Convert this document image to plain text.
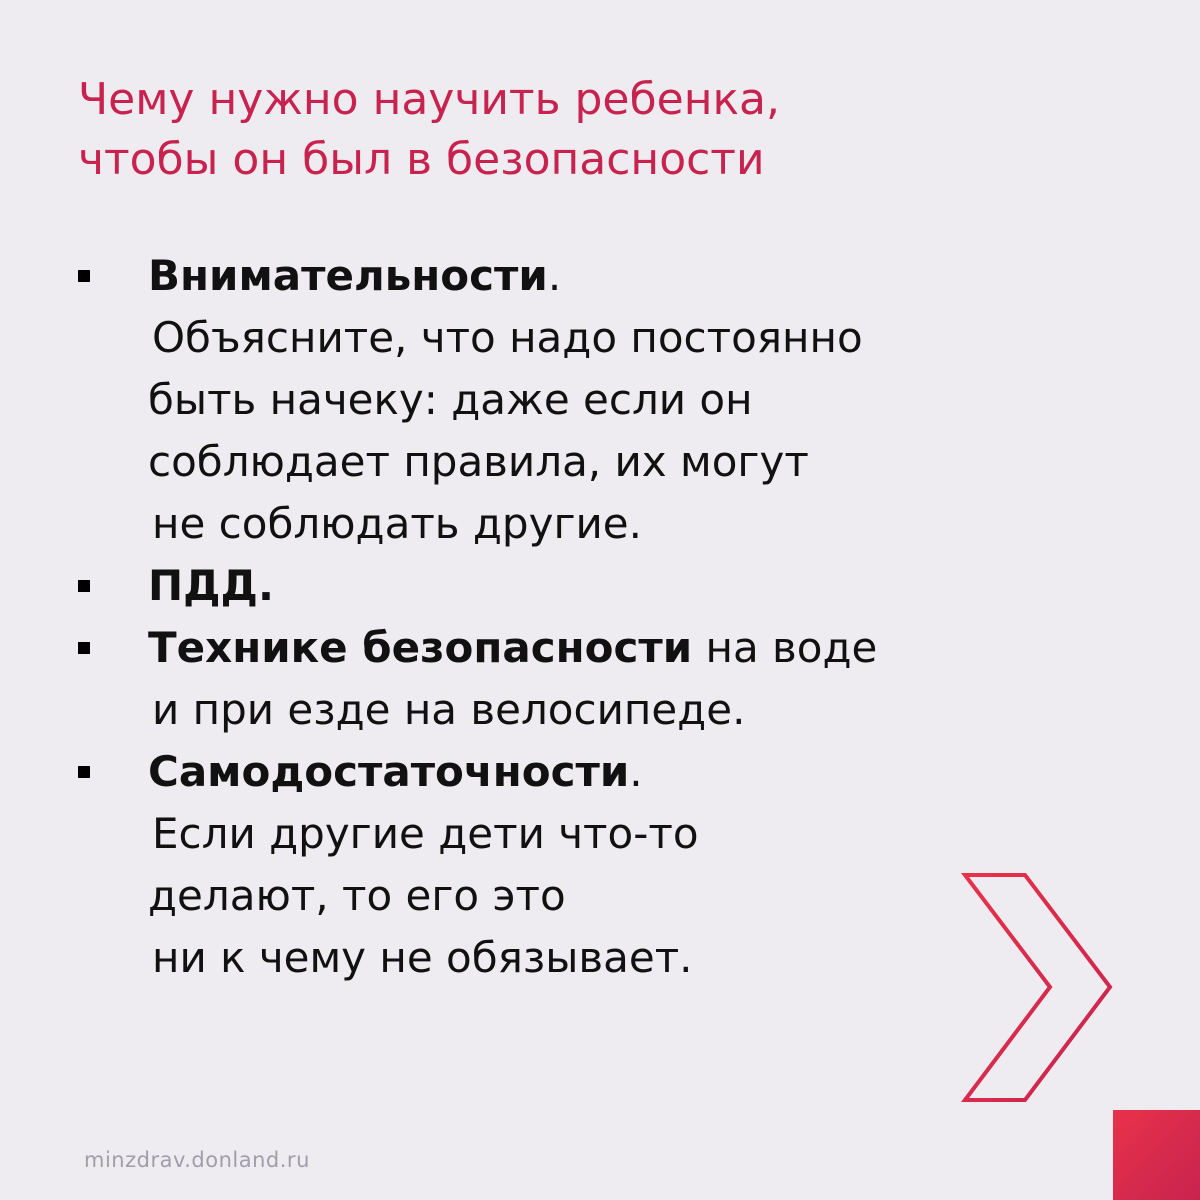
Чему нужно научить ребенка,
чтобы он был в безопасности
Внимательности.
Объясните, что надо постоянно
быть начеку: даже если он
соблюдает правила, их могут
не соблюдать другие.
ПДД.
Технике безопасности на воде
и при езде на велосипеде.
Самодостаточности.
Если другие дети что-то
делают, то его это
ни к чему не обязывает.
minzdrav.donland.ru
